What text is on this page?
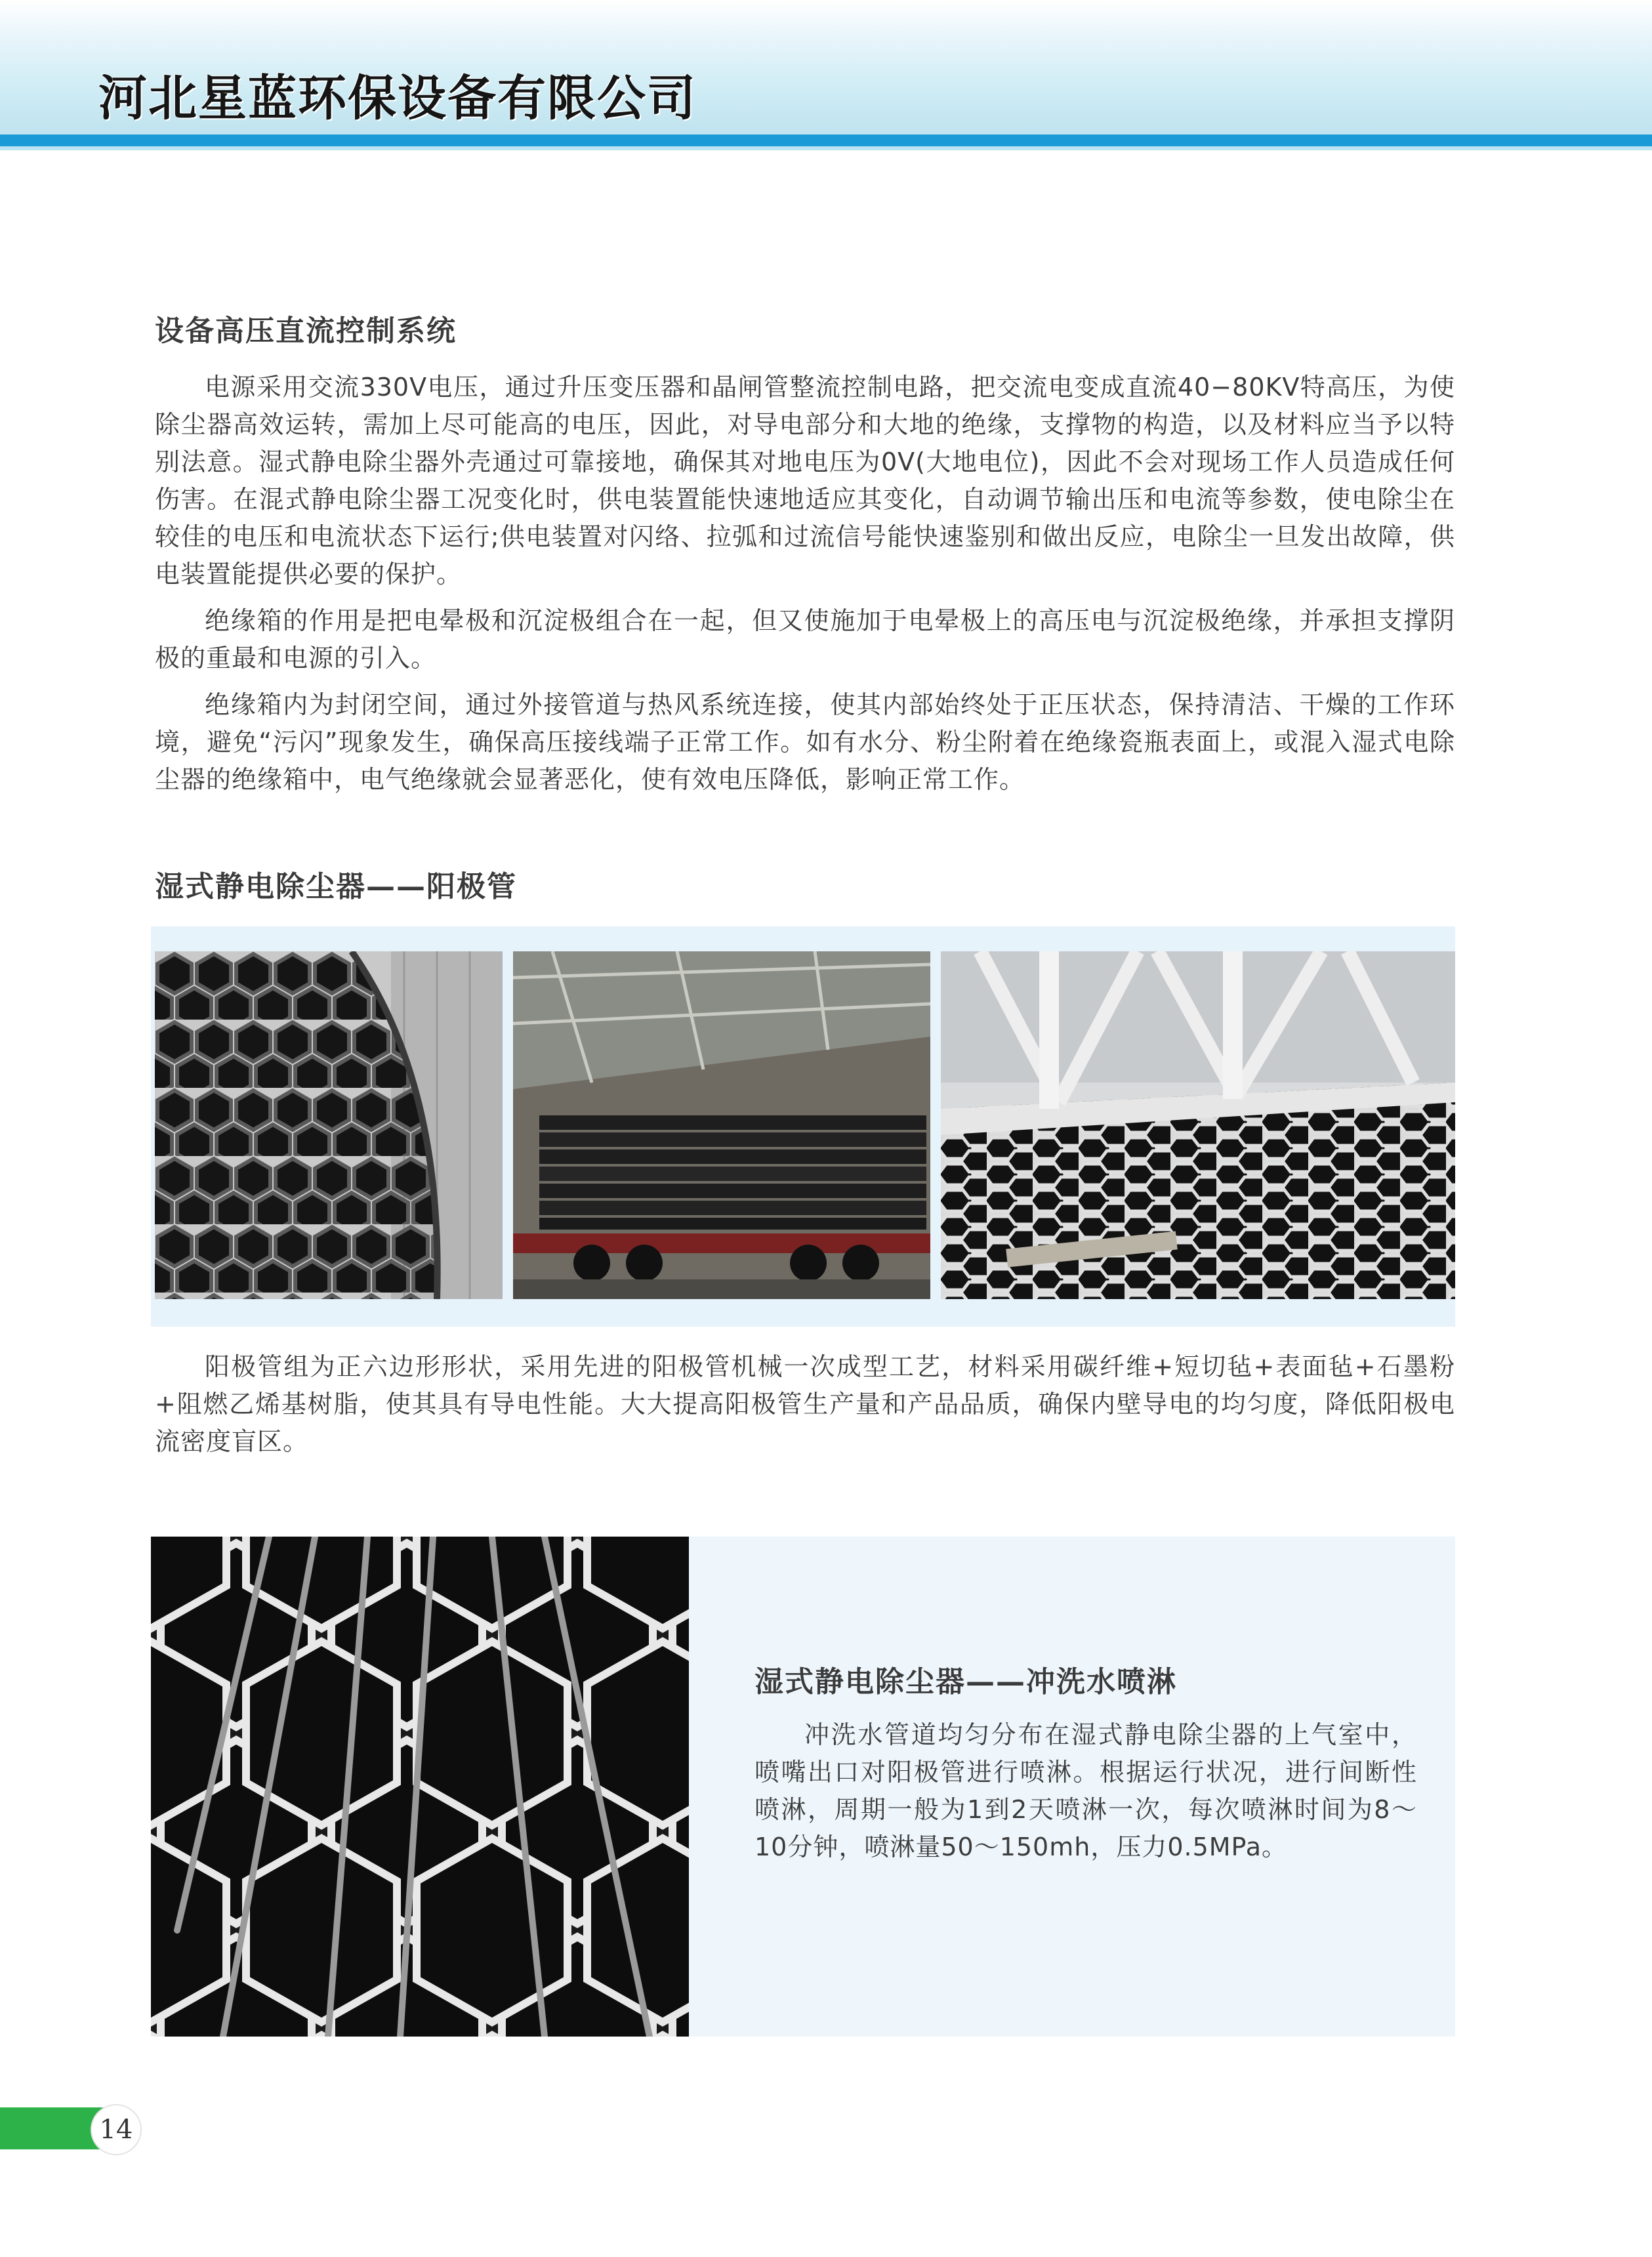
河北星蓝环保设备有限公司
设备高压直流控制系统

电源采用交流330V电压，通过升压变压器和晶闸管整流控制电路，把交流电变成直流40−80KV特高压，为使除尘器高效运转，需加上尽可能高的电压，因此，对导电部分和大地的绝缘，支撑物的构造，以及材料应当予以特别法意。湿式静电除尘器外壳通过可靠接地，确保其对地电压为0V(大地电位)，因此不会对现场工作人员造成任何伤害。在混式静电除尘器工况变化时，供电装置能快速地适应其变化，自动调节输出压和电流等参数，使电除尘在较佳的电压和电流状态下运行;供电装置对闪络、拉弧和过流信号能快速鉴别和做出反应，电除尘一旦发出故障，供电装置能提供必要的保护。

绝缘箱的作用是把电晕极和沉淀极组合在一起，但又使施加于电晕极上的高压电与沉淀极绝缘，并承担支撑阴极的重最和电源的引入。

绝缘箱内为封闭空间，通过外接管道与热风系统连接，使其内部始终处于正压状态，保持清洁、干燥的工作环境，避免“污闪”现象发生，确保高压接线端子正常工作。如有水分、粉尘附着在绝缘瓷瓶表面上，或混入湿式电除尘器的绝缘箱中，电气绝缘就会显著恶化，使有效电压降低，影响正常工作。

湿式静电除尘器——阳极管

阳极管组为正六边形形状，采用先进的阳极管机械一次成型工艺，材料采用碳纤维+短切毡+表面毡+石墨粉+阻燃乙烯基树脂，使其具有导电性能。大大提高阳极管生产量和产品品质，确保内壁导电的均匀度，降低阳极电流密度盲区。

湿式静电除尘器——冲洗水喷淋

冲洗水管道均匀分布在湿式静电除尘器的上气室中，喷嘴出口对阳极管进行喷淋。根据运行状况，进行间断性喷淋，周期一般为1到2天喷淋一次，每次喷淋时间为8～10分钟，喷淋量50～150mh，压力0.5MPa。

14
